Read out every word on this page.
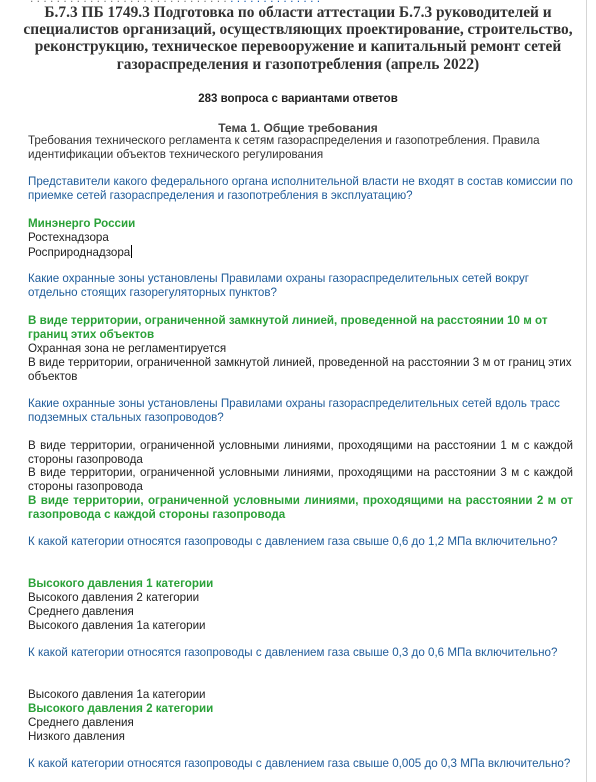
Б.7.3 ПБ 1749.3 Подготовка по области аттестации Б.7.3 руководителей и специалистов организаций, осуществляющих проектирование, строительство, реконструкцию, техническое перевооружение и капитальный ремонт сетей газораспределения и газопотребления (апрель 2022)
283 вопроса с вариантами ответов
Тема 1. Общие требования
Требования технического регламента к сетям газораспределения и газопотребления. Правила идентификации объектов технического регулирования
Представители какого федерального органа исполнительной власти не входят в состав комиссии по приемке сетей газораспределения и газопотребления в эксплуатацию?

Минэнерго России

Ростехнадзора

Росприроднадзора

Какие охранные зоны установлены Правилами охраны газораспределительных сетей вокруг отдельно стоящих газорегуляторных пунктов?

В виде территории, ограниченной замкнутой линией, проведенной на расстоянии 10 м от границ этих объектов

Охранная зона не регламентируется

В виде территории, ограниченной замкнутой линией, проведенной на расстоянии 3 м от границ этих объектов

Какие охранные зоны установлены Правилами охраны газораспределительных сетей вдоль трасс подземных стальных газопроводов?

В виде территории, ограниченной условными линиями, проходящими на расстоянии 1 м с каждой стороны газопровода

В виде территории, ограниченной условными линиями, проходящими на расстоянии 3 м с каждой стороны газопровода

В виде территории, ограниченной условными линиями, проходящими на расстоянии 2 м от газопровода с каждой стороны газопровода

К какой категории относятся газопроводы с давлением газа свыше 0,6 до 1,2 МПа включительно?

Высокого давления 1 категории

Высокого давления 2 категории

Среднего давления

Высокого давления 1а категории

К какой категории относятся газопроводы с давлением газа свыше 0,3 до 0,6 МПа включительно?

Высокого давления 1а категории

Высокого давления 2 категории

Среднего давления

Низкого давления

К какой категории относятся газопроводы с давлением газа свыше 0,005 до 0,3 МПа включительно?
